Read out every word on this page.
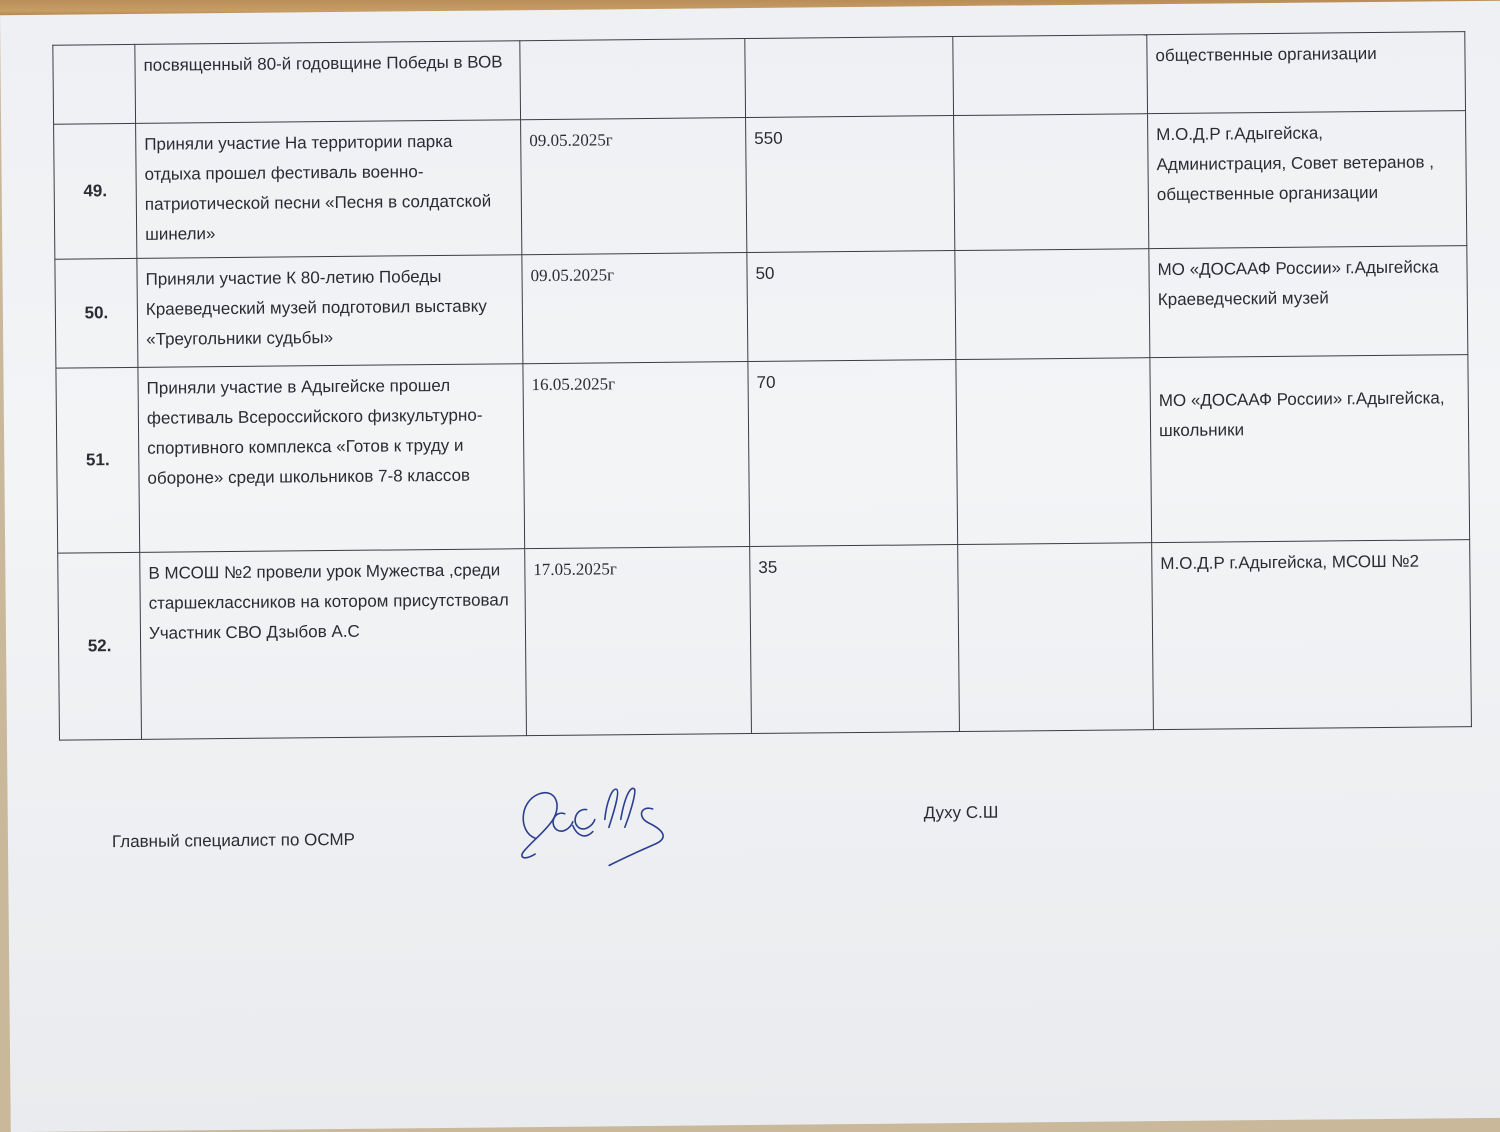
	посвященный 80-й годовщине Победы в ВОВ				общественные организации
49.	Приняли участие На территории парка отдыха прошел фестиваль военно-патриотической песни «Песня в солдатской шинели»	09.05.2025г	550		М.О.Д.Р г.Адыгейска, Администрация, Совет ветеранов , общественные организации
50.	Приняли участие К 80-летию Победы Краеведческий музей подготовил выставку «Треугольники судьбы»	09.05.2025г	50		МО «ДОСААФ России» г.Адыгейска Краеведческий музей
51.	Приняли участие в Адыгейске прошел фестиваль Всероссийского физкультурно-спортивного комплекса «Готов к труду и обороне» среди школьников 7-8 классов	16.05.2025г	70		МО «ДОСААФ России» г.Адыгейска, школьники
52.	В МСОШ №2 провели урок Мужества ,среди старшеклассников на котором присутствовал Участник СВО Дзыбов А.С	17.05.2025г	35		М.О.Д.Р г.Адыгейска, МСОШ №2
Главный специалист по ОСМР
Духу С.Ш
